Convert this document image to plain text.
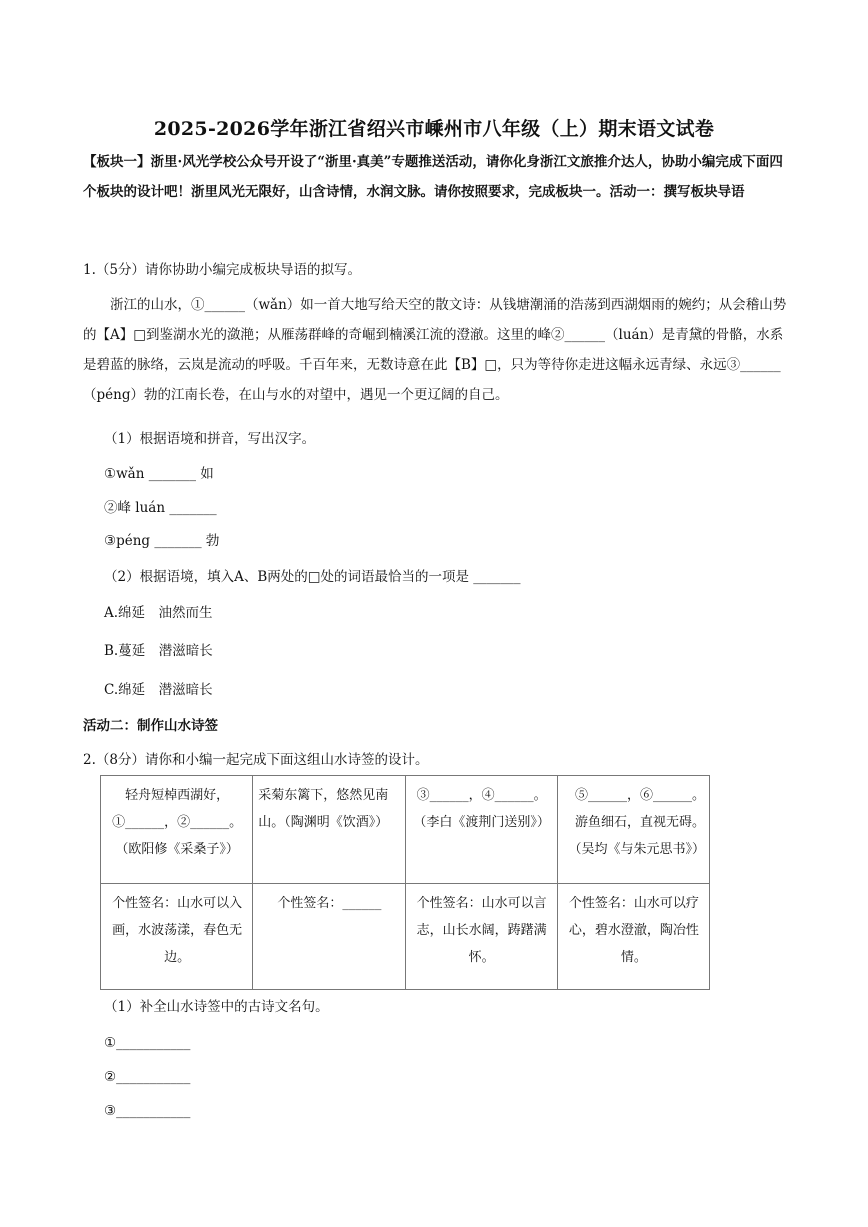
2025-2026学年浙江省绍兴市嵊州市八年级（上）期末语文试卷
【板块一】浙里·风光学校公众号开设了“浙里·真美”专题推送活动，请你化身浙江文旅推介达人，协助小编完成下面四个板块的设计吧！浙里风光无限好，山含诗情，水润文脉。请你按照要求，完成板块一。活动一：撰写板块导语
1.（5分）请你协助小编完成板块导语的拟写。
浙江的山水，①______（wǎn）如一首大地写给天空的散文诗：从钱塘潮涌的浩荡到西湖烟雨的婉约；从会稽山势的【A】□到鉴湖水光的潋滟；从雁荡群峰的奇崛到楠溪江流的澄澈。这里的峰②______（luán）是青黛的骨骼，水系是碧蓝的脉络，云岚是流动的呼吸。千百年来，无数诗意在此【B】□，只为等待你走进这幅永远青绿、永远③______（péng）勃的江南长卷，在山与水的对望中，遇见一个更辽阔的自己。
（1）根据语境和拼音，写出汉字。
①wǎn _______ 如
②峰 luán _______
③péng _______ 勃
（2）根据语境，填入A、B两处的□处的词语最恰当的一项是 _______
A.绵延　油然而生
B.蔓延　潜滋暗长
C.绵延　潜滋暗长
活动二：制作山水诗签
2.（8分）请你和小编一起完成下面这组山水诗签的设计。
轻舟短棹西湖好，①______，②______。（欧阳修《采桑子》）	采菊东篱下，悠然见南山。（陶渊明《饮酒》）	③______，④______。（李白《渡荆门送别》）	⑤______，⑥______。游鱼细石，直视无碍。（吴均《与朱元思书》）
个性签名：山水可以入画，水波荡漾，春色无边。	个性签名：______	个性签名：山水可以言志，山长水阔，踌躇满怀。	个性签名：山水可以疗心，碧水澄澈，陶冶性情。
（1）补全山水诗签中的古诗文名句。
①___________
②___________
③___________
